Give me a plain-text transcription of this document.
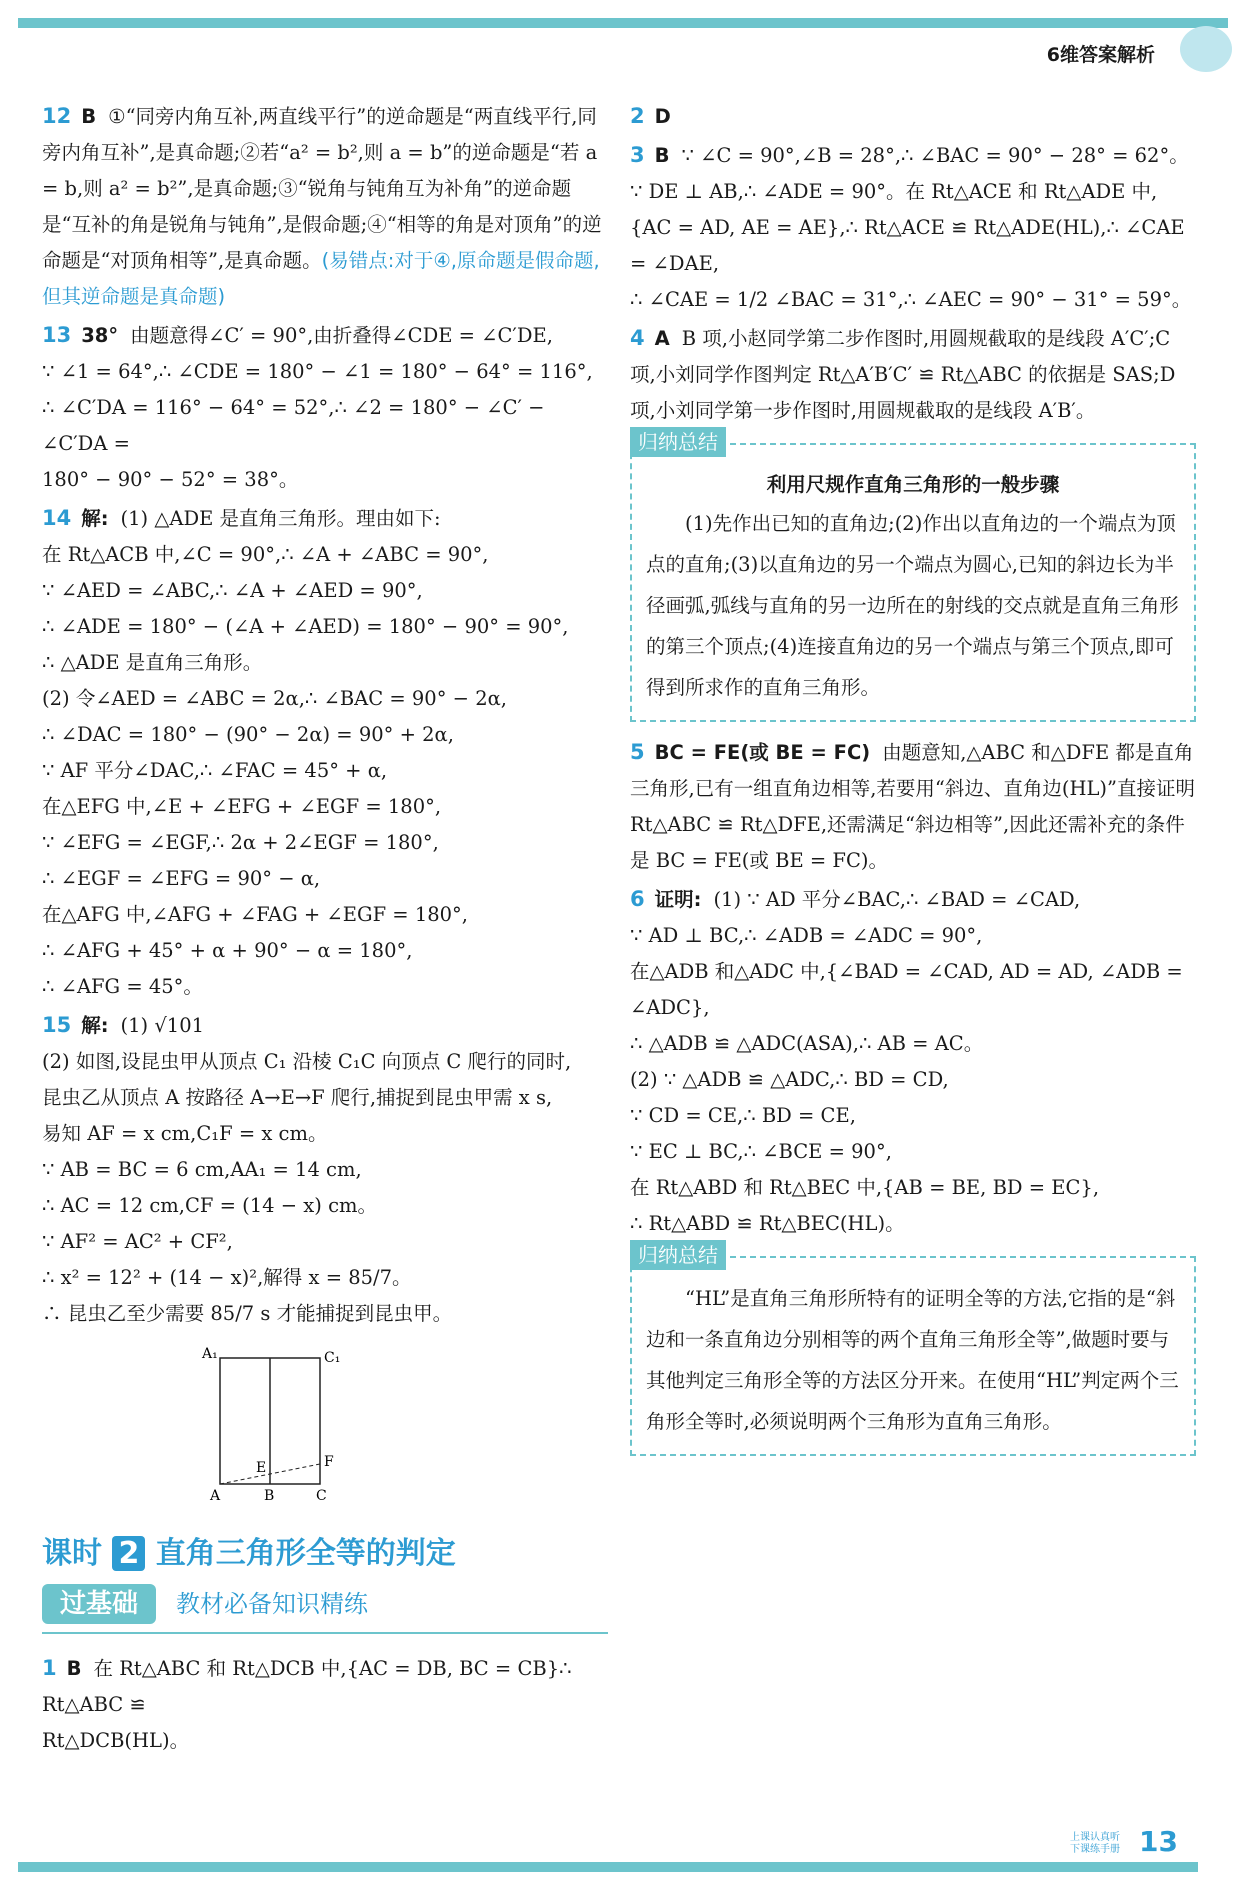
6维答案解析
12 B ①“同旁内角互补,两直线平行”的逆命题是“两直线平行,同旁内角互补”,是真命题;②若“a² = b²,则 a = b”的逆命题是“若 a = b,则 a² = b²”,是真命题;③“锐角与钝角互为补角”的逆命题是“互补的角是锐角与钝角”,是假命题;④“相等的角是对顶角”的逆命题是“对顶角相等”,是真命题。(易错点:对于④,原命题是假命题,但其逆命题是真命题)
13 38° 由题意得∠C′ = 90°,由折叠得∠CDE = ∠C′DE,
∵ ∠1 = 64°,∴ ∠CDE = 180° − ∠1 = 180° − 64° = 116°,
∴ ∠C′DA = 116° − 64° = 52°,∴ ∠2 = 180° − ∠C′ − ∠C′DA =
180° − 90° − 52° = 38°。
14 解: (1) △ADE 是直角三角形。理由如下:
在 Rt△ACB 中,∠C = 90°,∴ ∠A + ∠ABC = 90°,
∵ ∠AED = ∠ABC,∴ ∠A + ∠AED = 90°,
∴ ∠ADE = 180° − (∠A + ∠AED) = 180° − 90° = 90°,
∴ △ADE 是直角三角形。
(2) 令∠AED = ∠ABC = 2α,∴ ∠BAC = 90° − 2α,
∴ ∠DAC = 180° − (90° − 2α) = 90° + 2α,
∵ AF 平分∠DAC,∴ ∠FAC = 45° + α,
在△EFG 中,∠E + ∠EFG + ∠EGF = 180°,
∵ ∠EFG = ∠EGF,∴ 2α + 2∠EGF = 180°,
∴ ∠EGF = ∠EFG = 90° − α,
在△AFG 中,∠AFG + ∠FAG + ∠EGF = 180°,
∴ ∠AFG + 45° + α + 90° − α = 180°,
∴ ∠AFG = 45°。
15 解: (1) √101
(2) 如图,设昆虫甲从顶点 C₁ 沿棱 C₁C 向顶点 C 爬行的同时,
昆虫乙从顶点 A 按路径 A→E→F 爬行,捕捉到昆虫甲需 x s,
易知 AF = x cm,C₁F = x cm。
∵ AB = BC = 6 cm,AA₁ = 14 cm,
∴ AC = 12 cm,CF = (14 − x) cm。
∵ AF² = AC² + CF²,
∴ x² = 12² + (14 − x)²,解得 x = 85/7。
∴ 昆虫乙至少需要 85/7 s 才能捕捉到昆虫甲。
A₁	C₁
E	F
A	B	C
课时 2 直角三角形全等的判定
过基础	教材必备知识精练
1 B 在 Rt△ABC 和 Rt△DCB 中,{AC = DB, BC = CB}∴ Rt△ABC ≌
Rt△DCB(HL)。
2 D
3 B ∵ ∠C = 90°,∠B = 28°,∴ ∠BAC = 90° − 28° = 62°。
∵ DE ⊥ AB,∴ ∠ADE = 90°。在 Rt△ACE 和 Rt△ADE 中,
{AC = AD, AE = AE},∴ Rt△ACE ≌ Rt△ADE(HL),∴ ∠CAE = ∠DAE,
∴ ∠CAE = 1/2 ∠BAC = 31°,∴ ∠AEC = 90° − 31° = 59°。
4 A B 项,小赵同学第二步作图时,用圆规截取的是线段 A′C′;C 项,小刘同学作图判定 Rt△A′B′C′ ≌ Rt△ABC 的依据是 SAS;D 项,小刘同学第一步作图时,用圆规截取的是线段 A′B′。
归纳总结
利用尺规作直角三角形的一般步骤
(1)先作出已知的直角边;(2)作出以直角边的一个端点为顶点的直角;(3)以直角边的另一个端点为圆心,已知的斜边长为半径画弧,弧线与直角的另一边所在的射线的交点就是直角三角形的第三个顶点;(4)连接直角边的另一个端点与第三个顶点,即可得到所求作的直角三角形。
5 BC = FE(或 BE = FC) 由题意知,△ABC 和△DFE 都是直角三角形,已有一组直角边相等,若要用“斜边、直角边(HL)”直接证明 Rt△ABC ≌ Rt△DFE,还需满足“斜边相等”,因此还需补充的条件是 BC = FE(或 BE = FC)。
6 证明: (1) ∵ AD 平分∠BAC,∴ ∠BAD = ∠CAD,
∵ AD ⊥ BC,∴ ∠ADB = ∠ADC = 90°,
在△ADB 和△ADC 中,{∠BAD = ∠CAD, AD = AD, ∠ADB = ∠ADC},
∴ △ADB ≌ △ADC(ASA),∴ AB = AC。
(2) ∵ △ADB ≌ △ADC,∴ BD = CD,
∵ CD = CE,∴ BD = CE,
∵ EC ⊥ BC,∴ ∠BCE = 90°,
在 Rt△ABD 和 Rt△BEC 中,{AB = BE, BD = EC},
∴ Rt△ABD ≌ Rt△BEC(HL)。
归纳总结
“HL”是直角三角形所特有的证明全等的方法,它指的是“斜边和一条直角边分别相等的两个直角三角形全等”,做题时要与其他判定三角形全等的方法区分开来。在使用“HL”判定两个三角形全等时,必须说明两个三角形为直角三角形。
上课认真听
下课练手册 13
